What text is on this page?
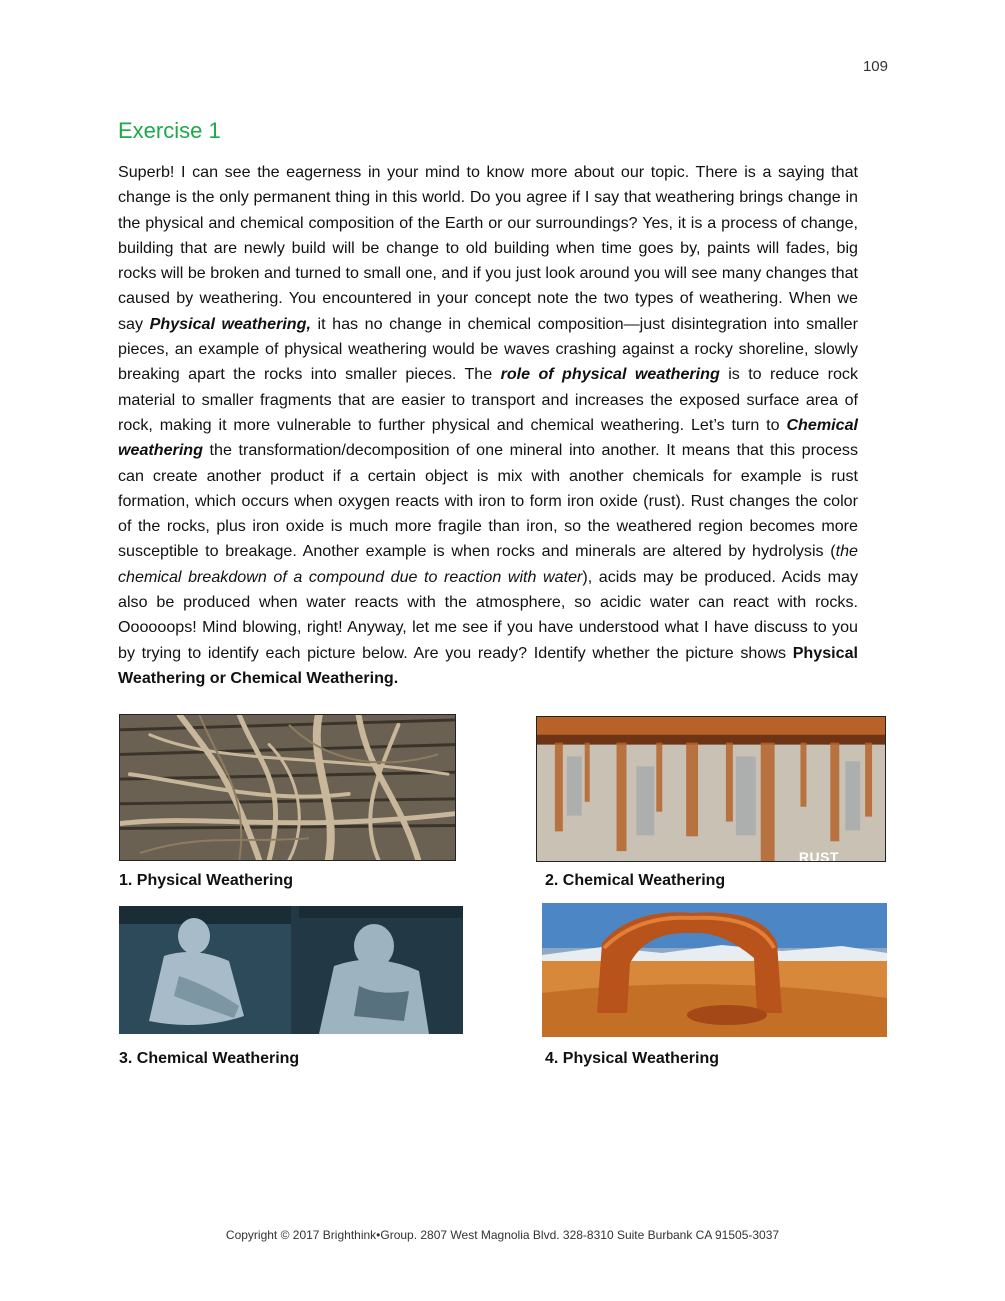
109
Exercise 1

Superb! I can see the eagerness in your mind to know more about our topic. There is a saying that change is the only permanent thing in this world. Do you agree if I say that weathering brings change in the physical and chemical composition of the Earth or our surroundings? Yes, it is a process of change, building that are newly build will be change to old building when time goes by, paints will fades, big rocks will be broken and turned to small one, and if you just look around you will see many changes that caused by weathering. You encountered in your concept note the two types of weathering. When we say Physical weathering, it has no change in chemical composition—just disintegration into smaller pieces, an example of physical weathering would be waves crashing against a rocky shoreline, slowly breaking apart the rocks into smaller pieces. The role of physical weathering is to reduce rock material to smaller fragments that are easier to transport and increases the exposed surface area of rock, making it more vulnerable to further physical and chemical weathering. Let’s turn to Chemical weathering the transformation/decomposition of one mineral into another. It means that this process can create another product if a certain object is mix with another chemicals for example is rust formation, which occurs when oxygen reacts with iron to form iron oxide (rust). Rust changes the color of the rocks, plus iron oxide is much more fragile than iron, so the weathered region becomes more susceptible to breakage. Another example is when rocks and minerals are altered by hydrolysis (the chemical breakdown of a compound due to reaction with water), acids may be produced. Acids may also be produced when water reacts with the atmosphere, so acidic water can react with rocks. Oooooops! Mind blowing, right! Anyway, let me see if you have understood what I have discuss to you by trying to identify each picture below. Are you ready? Identify whether the picture shows Physical Weathering or Chemical Weathering.

1. Physical Weathering
RUST
2. Chemical Weathering
3. Chemical Weathering	4. Physical Weathering
Copyright © 2017 Brighthink•Group. 2807 West Magnolia Blvd. 328-8310 Suite Burbank CA 91505-3037
